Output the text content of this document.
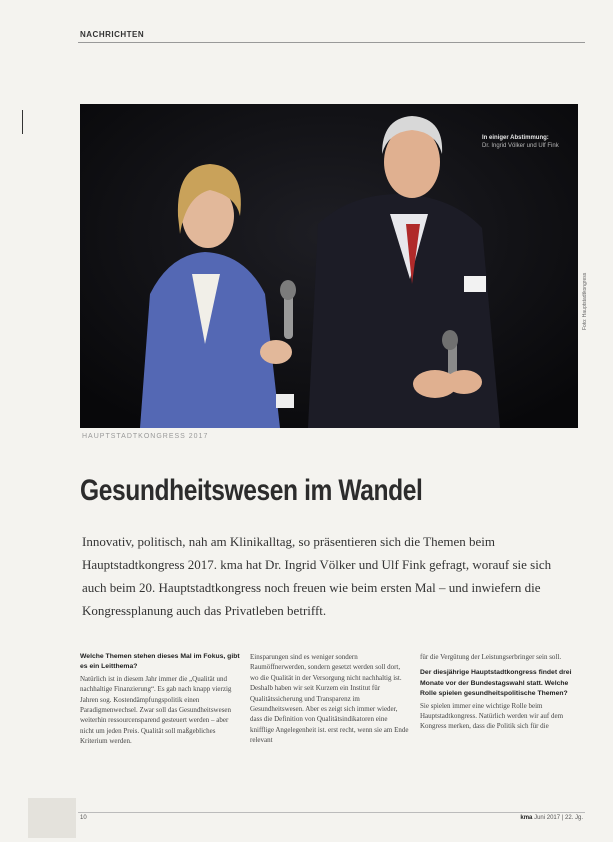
NACHRICHTEN
In einiger Abstimmung:
Dr. Ingrid Völker und Ulf Fink
Foto: Hauptstadtkongress
HAUPTSTADTKONGRESS 2017
Gesundheitswesen im Wandel
Innovativ, politisch, nah am Klinikalltag, so präsentieren sich die Themen beim Hauptstadtkongress 2017. kma hat Dr. Ingrid Völker und Ulf Fink gefragt, worauf sie sich auch beim 20. Hauptstadtkongress noch freuen wie beim ersten Mal – und inwiefern die Kongressplanung auch das Privatleben betrifft.
Welche Themen stehen dieses Mal im Fokus, gibt es ein Leitthema?

Natürlich ist in diesem Jahr immer die „Qualität und nachhaltige Finanzierung“. Es gab nach knapp vierzig Jahren sog. Kostendämpfungspolitik einen Paradigmenwechsel. Zwar soll das Gesundheitswesen weiterhin ressourcensparend gesteuert werden – aber nicht um jeden Preis. Qualität soll maßgebliches Kriterium werden.

Einsparungen sind es weniger sondern Raumöffnerwerden, sondern gesetzt werden soll dort, wo die Qualität in der Versorgung nicht nachhaltig ist. Deshalb haben wir seit Kurzem ein Institut für Qualitätssicherung und Transparenz im Gesundheitswesen. Aber es zeigt sich immer wieder, dass die Definition von Qualitätsindikatoren eine knifflige Angelegenheit ist. erst recht, wenn sie am Ende relevant

für die Vergütung der Leistungserbringer sein soll.

Der diesjährige Hauptstadtkongress findet drei Monate vor der Bundestagswahl statt. Welche Rolle spielen gesundheitspolitische Themen?

Sie spielen immer eine wichtige Rolle beim Hauptstadtkongress. Natürlich werden wir auf dem Kongress merken, dass die Politik sich für die

10	kma Juni 2017 | 22. Jg.
